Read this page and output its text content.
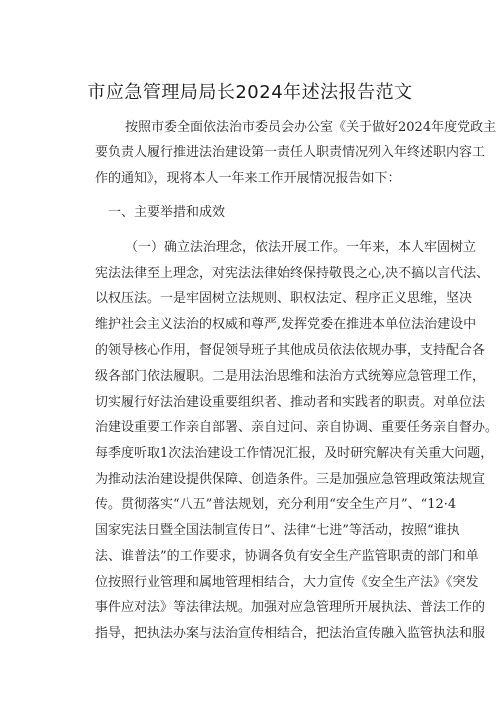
市应急管理局局长2024年述法报告范文
按照市委全面依法治市委员会办公室《关于做好2024年度党政主
要负责人履行推进法治建设第一责任人职责情况列入年终述职内容工
作的通知》，现将本人一年来工作开展情况报告如下：
一、主要举措和成效
（一）确立法治理念，依法开展工作。一年来，本人牢固树立
宪法法律至上理念，对宪法法律始终保持敬畏之心,决不搞以言代法、
以权压法。一是牢固树立法规则、职权法定、程序正义思维，坚决
维护社会主义法治的权威和尊严,发挥党委在推进本单位法治建设中
的领导核心作用，督促领导班子其他成员依法依规办事，支持配合各
级各部门依法履职。二是用法治思维和法治方式统筹应急管理工作，
切实履行好法治建设重要组织者、推动者和实践者的职责。对单位法
治建设重要工作亲自部署、亲自过问、亲自协调、重要任务亲自督办。
每季度听取1次法治建设工作情况汇报，及时研究解决有关重大问题，
为推动法治建设提供保障、创造条件。三是加强应急管理政策法规宣
传。贯彻落实“八五”普法规划，充分利用“安全生产月”、“12·4
国家宪法日暨全国法制宣传日”、法律“七进”等活动，按照“谁执
法、谁普法”的工作要求，协调各负有安全生产监管职责的部门和单
位按照行业管理和属地管理相结合，大力宣传《安全生产法》《突发
事件应对法》等法律法规。加强对应急管理所开展执法、普法工作的
指导，把执法办案与法治宣传相结合，把法治宣传融入监管执法和服
